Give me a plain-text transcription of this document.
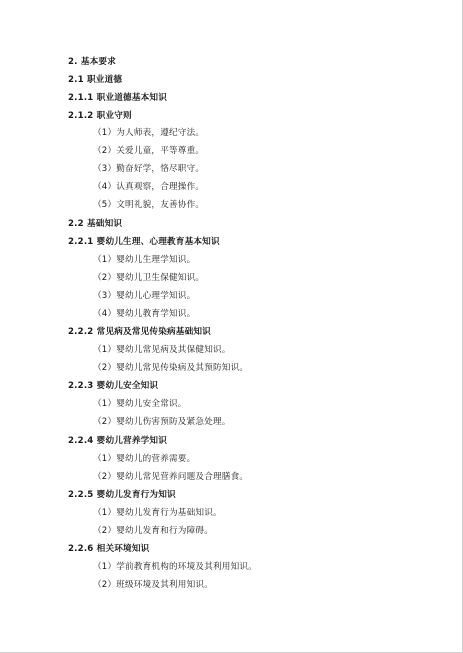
2. 基本要求
2.1 职业道德
2.1.1 职业道德基本知识
2.1.2 职业守则
（1）为人师表，遵纪守法。
（2）关爱儿童，平等尊重。
（3）勤奋好学，恪尽职守。
（4）认真观察，合理操作。
（5）文明礼貌，友善协作。
2.2 基础知识
2.2.1 婴幼儿生理、心理教育基本知识
（1）婴幼儿生理学知识。
（2）婴幼儿卫生保健知识。
（3）婴幼儿心理学知识。
（4）婴幼儿教育学知识。
2.2.2 常见病及常见传染病基础知识
（1）婴幼儿常见病及其保健知识。
（2）婴幼儿常见传染病及其预防知识。
2.2.3 婴幼儿安全知识
（1）婴幼儿安全常识。
（2）婴幼儿伤害预防及紧急处理。
2.2.4 婴幼儿营养学知识
（1）婴幼儿的营养需要。
（2）婴幼儿常见营养问题及合理膳食。
2.2.5 婴幼儿发育行为知识
（1）婴幼儿发育行为基础知识。
（2）婴幼儿发育和行为障碍。
2.2.6 相关环境知识
（1）学前教育机构的环境及其利用知识。
（2）班级环境及其利用知识。
